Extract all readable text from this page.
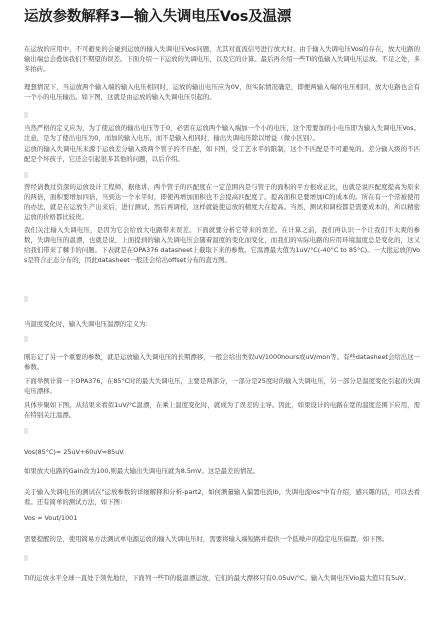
运放参数解释3—输入失调电压Vos及温漂
在运放的应用中，不可避免的会碰到运放的输入失调电压Vos问题，尤其对直流信号进行放大时，由于输入失调电压Vos的存在，放大电路的输出端总会叠加我们不期望的误差。下面介绍一下运放的失调电压，以及它的计算。最后再介绍一些TI的低输入失调电压运放。不足之处，多多拍砖。
理想情况下，当运放两个输入端的输入电压相同时，运放的输出电压应为0V，但实际情况确是，即便两输入端的电压相同，放大电路也会有一个小的电压输出。如下图，这就是由运放的输入失调电压引起的。
当然严格的定义应为，为了使运放的输出电压等于0，必需在运放两个输入端加一个小的电压，这个需要加的小电压即为输入失调电压Vos。注意，是为了使出电压为0，而加的输入电压，而不是输入相同时，输出失调电压除以增益（微小区别）。
运放的输入失调电压来源于运放差分输入级两个管子的不匹配，如下图，受工艺水平的限制，这个不匹配是不可避免的。差分输入级的不匹配是个坏孩子，它还会引起很多其他的问题，以后介绍。
曾经请教过资深的运放设计工程师，据他讲，两个管子的匹配度在一定范围内是与管子的面积的平方根成正比，也就是说匹配度提高为原来的两倍，面积要增加四倍，当到达一个水平时，即使再增加面积也不会提高匹配度了。提高面积是要增加IC的成本的。所在有一个常被使用的办法，就是在运放生产出来后，进行测试，然后再调校，这样就能使运放的精度大在提高。当然，测试和调校都是需要成本的，所以精密运放的价格都比较贵。
我们关注输入失调电压，是因为它会给放大电路带来误差。下面就要分析它带来的误差。在计算之前，我们再认识一个让我们不太爽的参数，失调电压的温漂，也就是说，上面提到的输入失调电压会随着温度的变化而变化，而我们的实际电路的应用环境温度总是变化的，这又给我们带来了棘手的问题。下表就是在OPA376 datasheet上截取下来的参数。它温漂最大值为1uV/°C(-40°C to 85°C)。一大批运放的Vos是符合正态分布的，因此datasheet一般还会给出offset分布的直方图。
当温度变化时，输入失调电压温漂的定义为：
刚忘记了另一个重要的参数，就是运放输入失调电压的长期漂移，一般会给出类似uV/1000hours或uV/mon等。有些datasheet会给出这一参数。
下面举例计算一下OPA376，在85°C时的最大失调电压，主要是两部分，一部分是25度时的输入失调电压，另一部分是温度变化引起的失调电压漂移。
具体步聚如下图。从结果来看似1uV/°C温漂，在乘上温度变化时，就成为了误差的主导。因此，如果设计的电路在宽的温度范围下应用，需在特别关注温漂。
Vos(85°C)= 25uV+60uV=85uV.
如果放大电路的Gain改为100,则最大输出失调电压就为8.5mV。这是最差的情况。
关于输入失调电压的测试在"运放参数的详细解释和分析-part2，如何测量输入偏置电流Ib，失调电流Ios"中有介绍，感兴趣的话，可以去看看。还有简单的测试方法，如下图：
Vos = Vout/1001
需要提醒的是，使用简易方法测试单电源运放的输入失调电压时，需要将输入端短路并提供一个低噪声的稳定电压偏置。如下图。
TI的运放水平全球一直处于领先地位，下面列一些TI的低温漂运放，它们的最大漂移只有0.05uV/°C。输入失调电压Vio最大值只有5uV。
